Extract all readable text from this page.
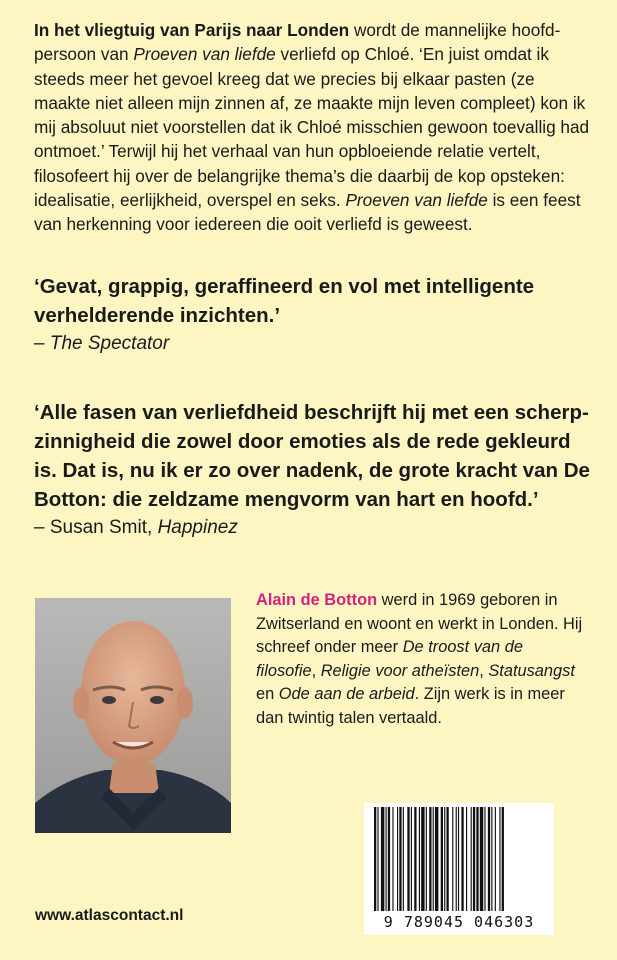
In het vliegtuig van Parijs naar Londen wordt de mannelijke hoofdpersoon van Proeven van liefde verliefd op Chloé. ‘En juist omdat ik steeds meer het gevoel kreeg dat we precies bij elkaar pasten (ze maakte niet alleen mijn zinnen af, ze maakte mijn leven compleet) kon ik mij absoluut niet voorstellen dat ik Chloé misschien gewoon toevallig had ontmoet.’ Terwijl hij het verhaal van hun opbloeiende relatie vertelt, filosofeert hij over de belangrijke thema’s die daarbij de kop opsteken: idealisatie, eerlijkheid, overspel en seks. Proeven van liefde is een feest van herkenning voor iedereen die ooit verliefd is geweest.

‘Gevat, grappig, geraffineerd en vol met intelligente verhelderende inzichten.’

– The Spectator

‘Alle fasen van verliefdheid beschrijft hij met een scherpzinnigheid die zowel door emoties als de rede gekleurd is. Dat is, nu ik er zo over nadenk, de grote kracht van De Botton: die zeldzame mengvorm van hart en hoofd.’

– Susan Smit, Happinez

Alain de Botton werd in 1969 geboren in Zwitserland en woont en werkt in Londen. Hij schreef onder meer De troost van de filosofie, Religie voor atheïsten, Statusangst en Ode aan de arbeid. Zijn werk is in meer dan twintig talen vertaald.

www.atlascontact.nl	9 789045 046303
